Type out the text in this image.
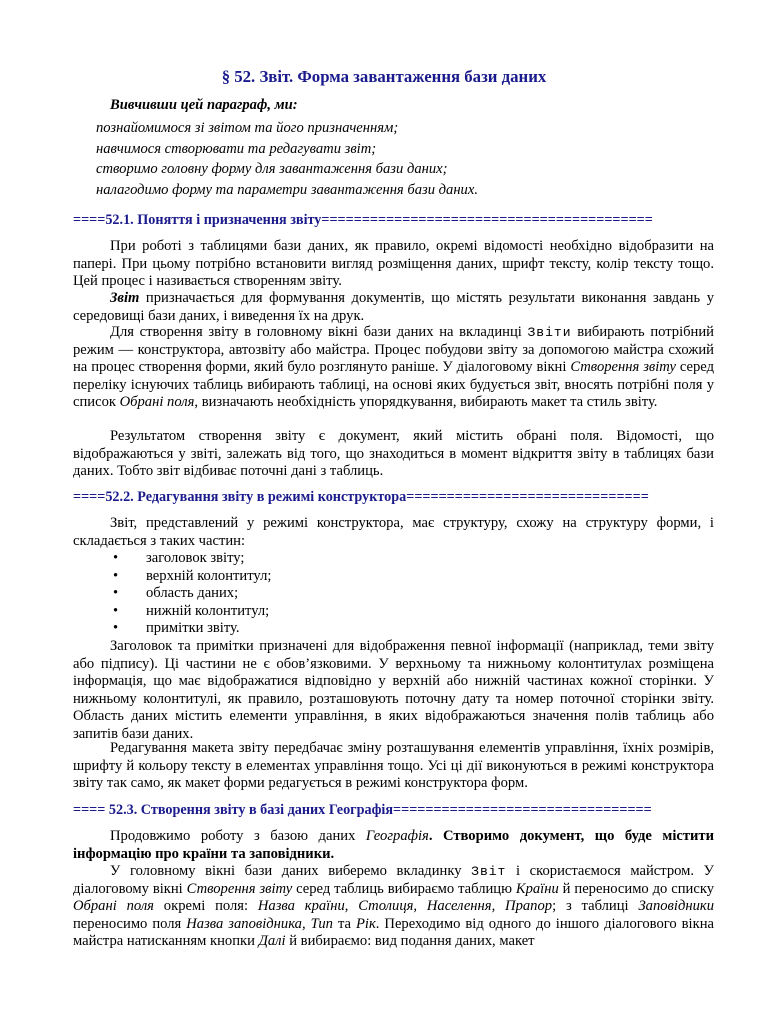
§ 52. Звіт. Форма завантаження бази даних
Вивчивши цей параграф, ми:
познайомимося зі звітом та його призначенням;
навчимося створювати та редагувати звіт;
створимо головну форму для завантаження бази даних;
налагодимо форму та параметри завантаження бази даних.
====52.1. Поняття і призначення звіту=========================================

При роботі з таблицями бази даних, як правило, окремі відомості необхідно відобразити на папері. При цьому потрібно встановити вигляд розміщення даних, шрифт тексту, колір тексту тощо. Цей процес і називається створенням звіту.

Звіт призначається для формування документів, що містять результати виконання завдань у середовищі бази даних, і виведення їх на друк.

Для створення звіту в головному вікні бази даних на вкладинці Звіти вибирають потрібний режим — конструктора, автозвіту або майстра. Процес побудови звіту за допомогою майстра схожий на процес створення форми, який було розглянуто раніше. У діалоговому вікні Створення звіту серед переліку існуючих таблиць вибирають таблиці, на основі яких будується звіт, вносять потрібні поля у список Обрані поля, визначають необхідність упорядкування, вибирають макет та стиль звіту.

Результатом створення звіту є документ, який містить обрані поля. Відомості, що відображаються у звіті, залежать від того, що знаходиться в момент відкриття звіту в таблицях бази даних. Тобто звіт відбиває поточні дані з таблиць.

====52.2. Редагування звіту в режимі конструктора==============================

Звіт, представлений у режимі конструктора, має структуру, схожу на структуру форми, і складається з таких частин:

• заголовок звіту;
• верхній колонтитул;
• область даних;
• нижній колонтитул;
• примітки звіту.

Заголовок та примітки призначені для відображення певної інформації (наприклад, теми звіту або підпису). Ці частини не є обов’язковими. У верхньому та нижньому колонтитулах розміщена інформація, що має відображатися відповідно у верхній або нижній частинах кожної сторінки. У нижньому колонтитулі, як правило, розташовують поточну дату та номер поточної сторінки звіту. Область даних містить елементи управління, в яких відображаються значення полів таблиць або запитів бази даних.

Редагування макета звіту передбачає зміну розташування елементів управління, їхніх розмірів, шрифту й кольору тексту в елементах управління тощо. Усі ці дії виконуються в режимі конструктора звіту так само, як макет форми редагується в режимі конструктора форм.

==== 52.3. Створення звіту в базі даних Географія================================

Продовжимо роботу з базою даних Географія. Створимо документ, що буде містити інформацію про країни та заповідники.

У головному вікні бази даних виберемо вкладинку Звіт і скористаємося майстром. У діалоговому вікні Створення звіту серед таблиць вибираємо таблицю Країни й переносимо до списку Обрані поля окремі поля: Назва країни, Столиця, Населення, Прапор; з таблиці Заповідники переносимо поля Назва заповідника, Тип та Рік. Переходимо від одного до іншого діалогового вікна майстра натисканням кнопки Далі й вибираємо: вид подання даних, макет
